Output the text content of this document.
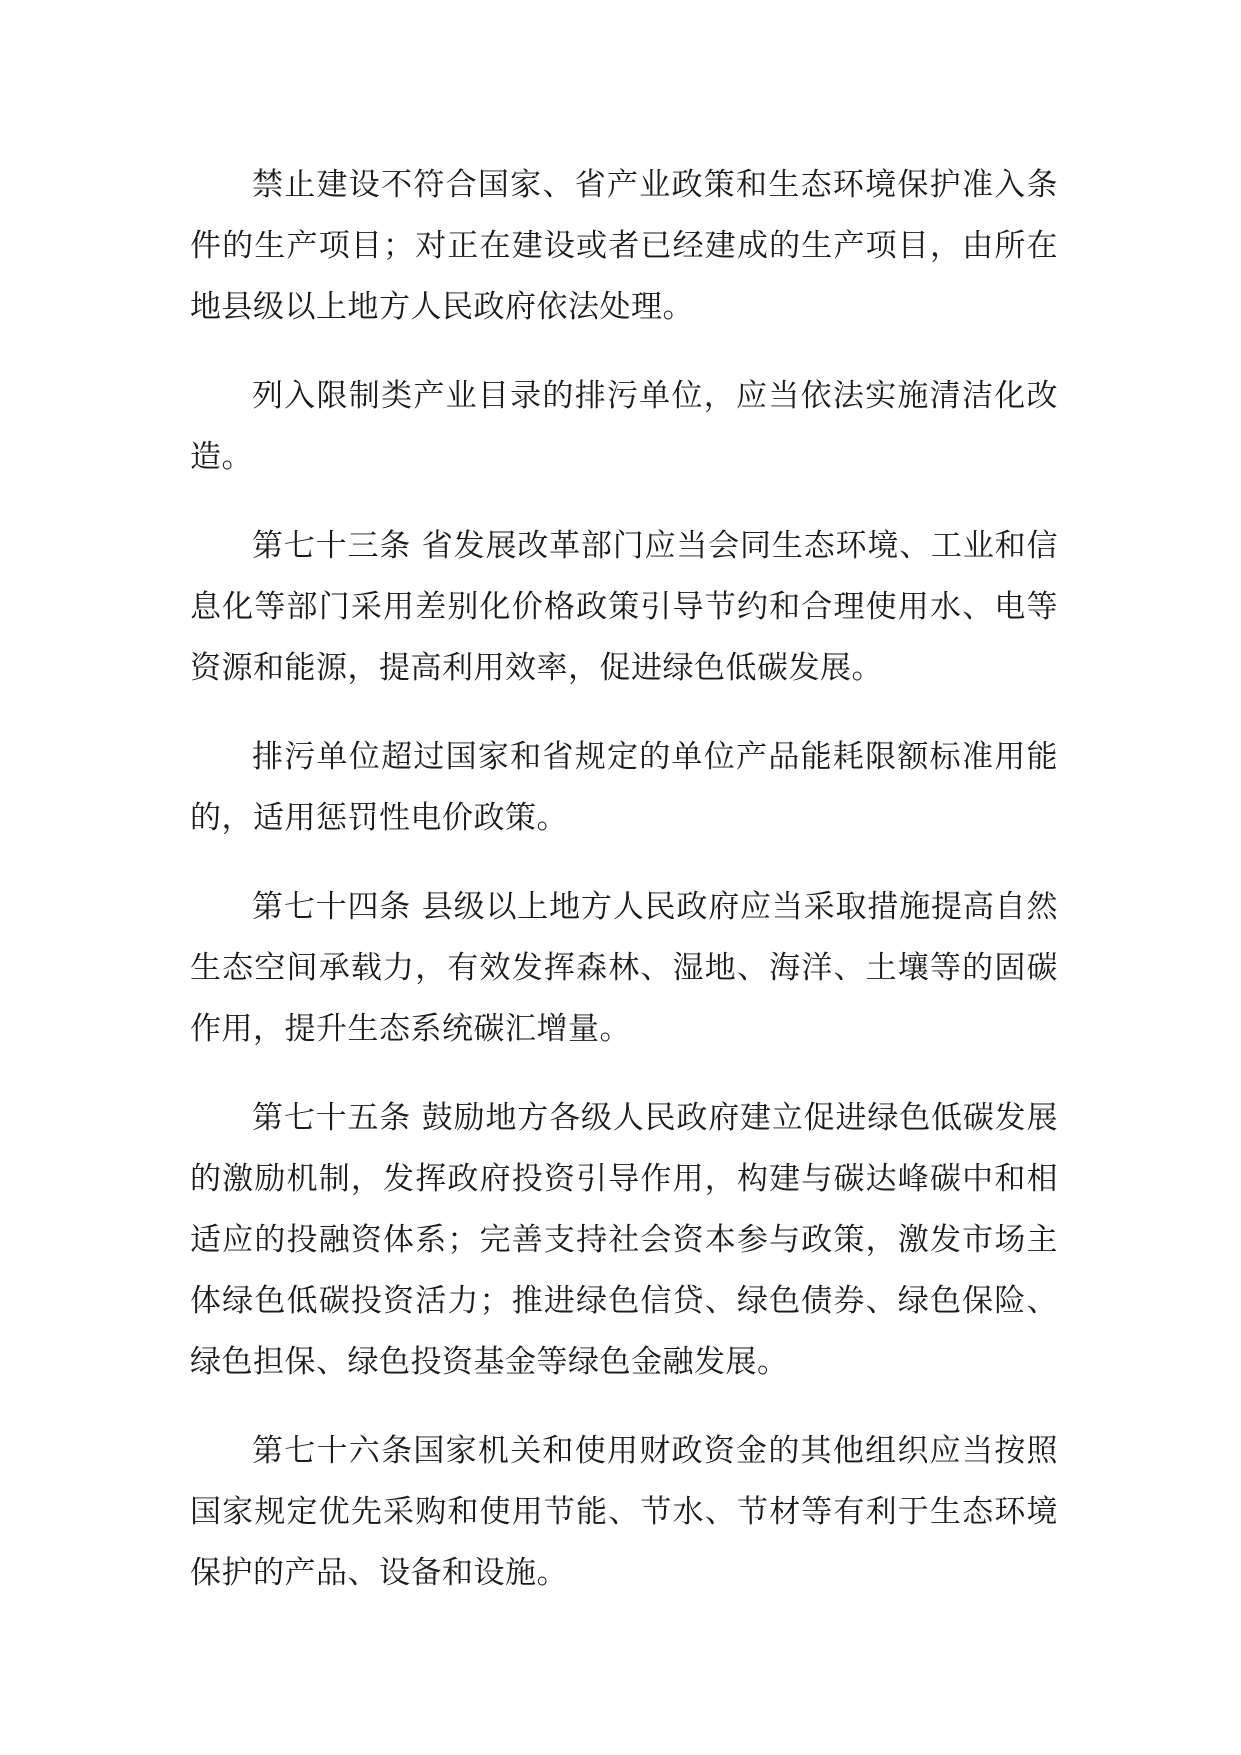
禁止建设不符合国家、省产业政策和生态环境保护准入条件的生产项目；对正在建设或者已经建成的生产项目，由所在地县级以上地方人民政府依法处理。

列入限制类产业目录的排污单位，应当依法实施清洁化改造。

第七十三条 省发展改革部门应当会同生态环境、工业和信息化等部门采用差别化价格政策引导节约和合理使用水、电等资源和能源，提高利用效率，促进绿色低碳发展。

排污单位超过国家和省规定的单位产品能耗限额标准用能的，适用惩罚性电价政策。

第七十四条 县级以上地方人民政府应当采取措施提高自然生态空间承载力，有效发挥森林、湿地、海洋、土壤等的固碳作用，提升生态系统碳汇增量。

第七十五条 鼓励地方各级人民政府建立促进绿色低碳发展的激励机制，发挥政府投资引导作用，构建与碳达峰碳中和相适应的投融资体系；完善支持社会资本参与政策，激发市场主体绿色低碳投资活力；推进绿色信贷、绿色债券、绿色保险、绿色担保、绿色投资基金等绿色金融发展。

第七十六条国家机关和使用财政资金的其他组织应当按照国家规定优先采购和使用节能、节水、节材等有利于生态环境保护的产品、设备和设施。
